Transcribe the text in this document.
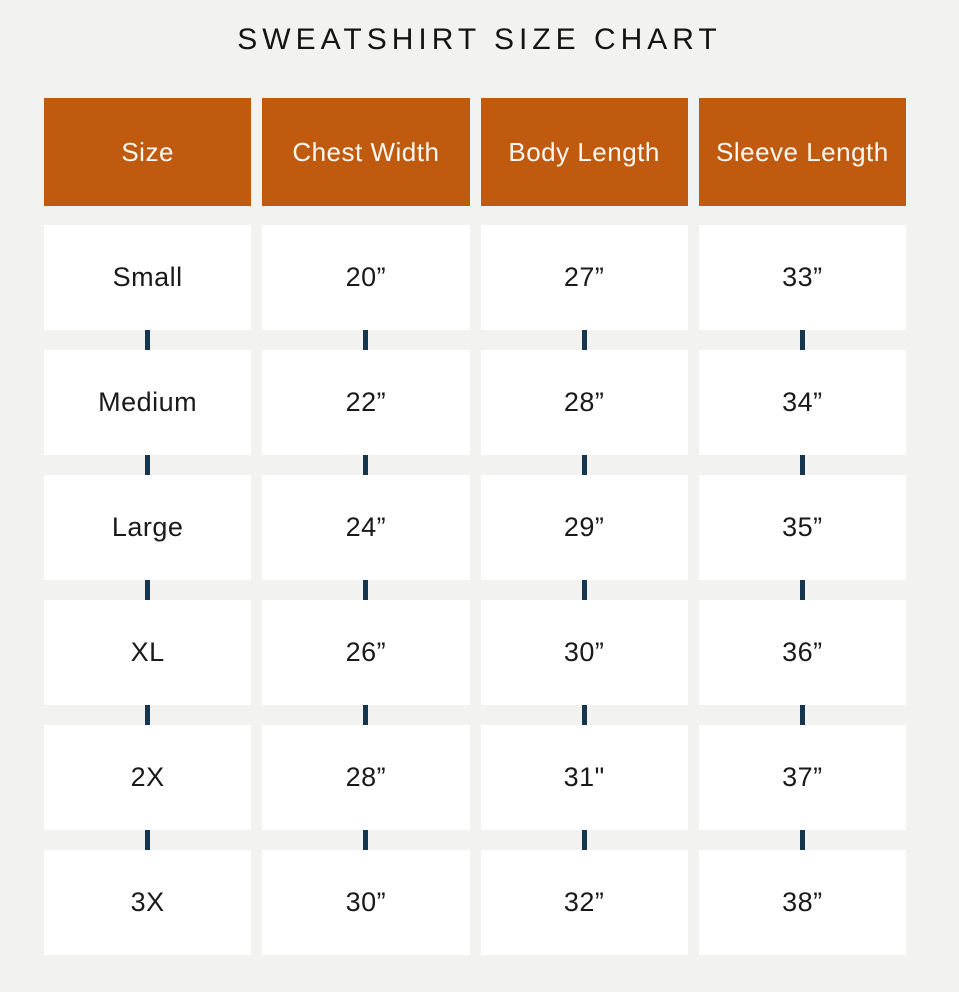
SWEATSHIRT SIZE CHART
Size	Chest Width	Body Length	Sleeve Length
Small	20”	27”	33”
Medium	22”	28”	34”
Large	24”	29”	35”
XL	26”	30”	36”
2X	28”	31"	37”
3X	30”	32”	38”
